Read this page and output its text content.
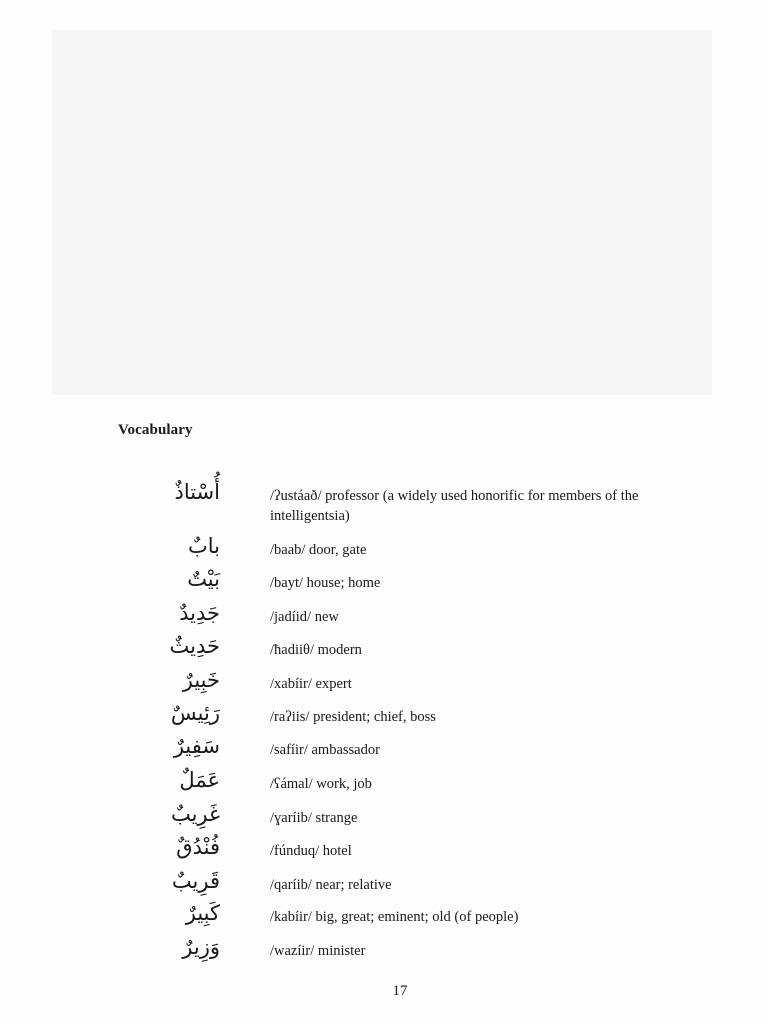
Vocabulary
أُسْتاذٌ	/ʔustáað/ professor (a widely used honorific for members of the intelligentsia)
بابٌ	/baab/ door, gate
بَيْتٌ	/bayt/ house; home
جَدِيدٌ	/jadíid/ new
حَدِيثٌ	/ħadiiθ/ modern
خَبِيرٌ	/xabíir/ expert
رَئِيسٌ	/raʔiis/ president; chief, boss
سَفِيرٌ	/safíir/ ambassador
عَمَلٌ	/ʕámal/ work, job
غَرِيبٌ	/ɣaríib/ strange
فُنْدُقٌ	/fúnduq/ hotel
قَرِيبٌ	/qaríib/ near; relative
كَبِيرٌ	/kabíir/ big, great; eminent; old (of people)
وَزِيرٌ	/wazíir/ minister
17
